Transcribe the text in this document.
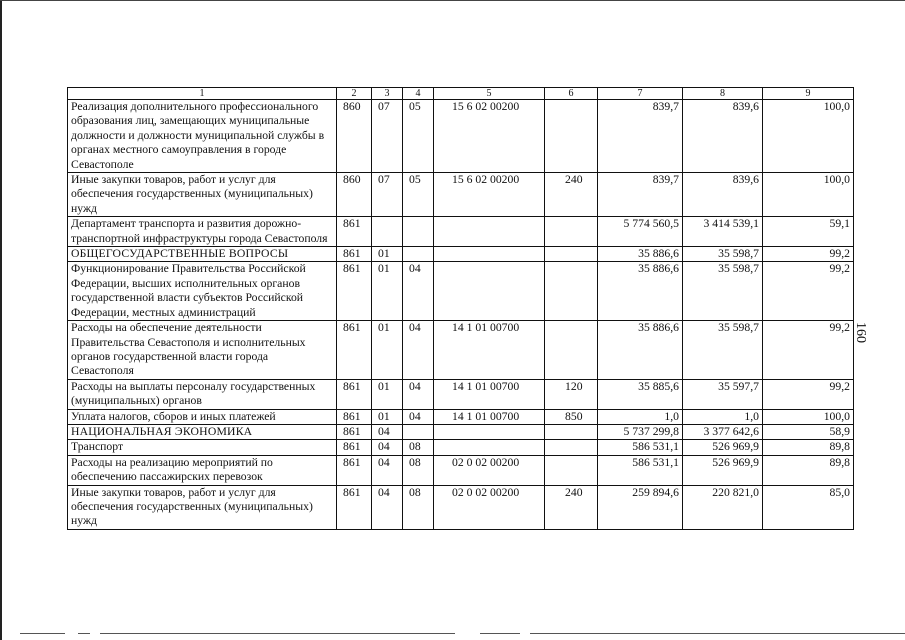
1	2	3	4	5	6	7	8	9
Реализация дополнительного профессионального образования лиц, замещающих муниципальные должности и должности муниципальной службы в органах местного самоуправления в городе Севастополе	860	07	05	15 6 02 00200		839,7	839,6	100,0
Иные закупки товаров, работ и услуг для обеспечения государственных (муниципальных) нужд	860	07	05	15 6 02 00200	240	839,7	839,6	100,0
Департамент транспорта и развития дорожно-транспортной инфраструктуры города Севастополя	861					5 774 560,5	3 414 539,1	59,1
ОБЩЕГОСУДАРСТВЕННЫЕ ВОПРОСЫ	861	01				35 886,6	35 598,7	99,2
Функционирование Правительства Российской Федерации, высших исполнительных органов государственной власти субъектов Российской Федерации, местных администраций	861	01	04			35 886,6	35 598,7	99,2
Расходы на обеспечение деятельности Правительства Севастополя и исполнительных органов государственной власти города Севастополя	861	01	04	14 1 01 00700		35 886,6	35 598,7	99,2
Расходы на выплаты персоналу государственных (муниципальных) органов	861	01	04	14 1 01 00700	120	35 885,6	35 597,7	99,2
Уплата налогов, сборов и иных платежей	861	01	04	14 1 01 00700	850	1,0	1,0	100,0
НАЦИОНАЛЬНАЯ ЭКОНОМИКА	861	04				5 737 299,8	3 377 642,6	58,9
Транспорт	861	04	08			586 531,1	526 969,9	89,8
Расходы на реализацию мероприятий по обеспечению пассажирских перевозок	861	04	08	02 0 02 00200		586 531,1	526 969,9	89,8
Иные закупки товаров, работ и услуг для обеспечения государственных (муниципальных) нужд	861	04	08	02 0 02 00200	240	259 894,6	220 821,0	85,0
160
